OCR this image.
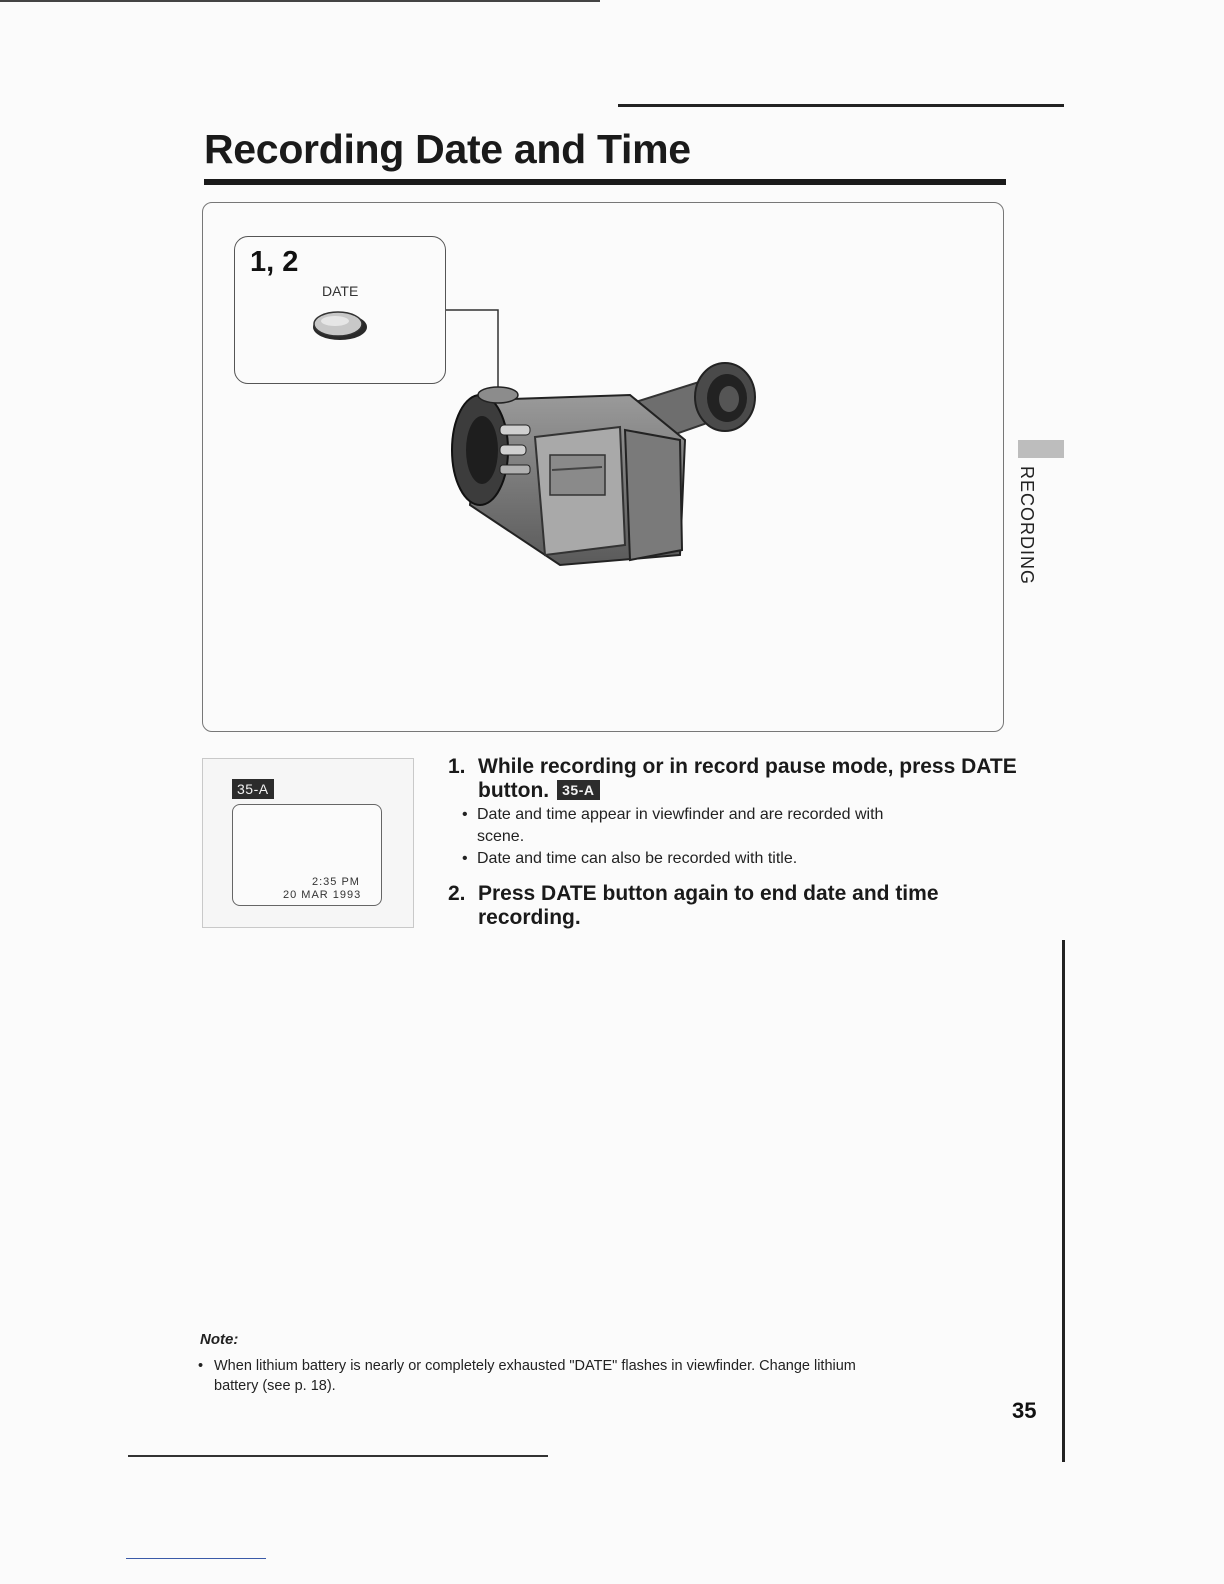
Recording Date and Time
1, 2
DATE
RECORDING
35-A
2:35 PM
20 MAR 1993
1. While recording or in record pause mode, press DATE button. 35-A
• Date and time appear in viewfinder and are recorded with
scene.
• Date and time can also be recorded with title.
2. Press DATE button again to end date and time recording.
Note:
• When lithium battery is nearly or completely exhausted "DATE" flashes in viewfinder. Change lithium
battery (see p. 18).
35
